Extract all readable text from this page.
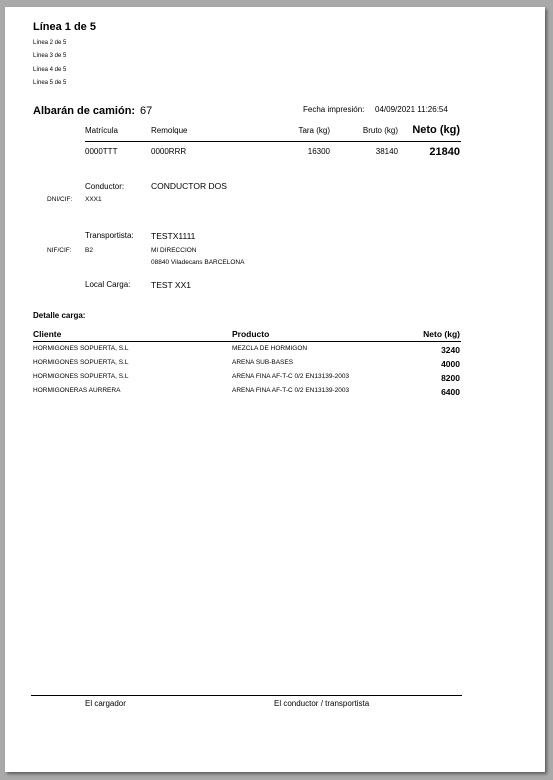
Línea 1 de 5
Línea 2 de 5
Línea 3 de 5
Línea 4 de 5
Línea 5 de 5
Albarán de camión: 67	Fecha impresión: 04/09/2021 11:26:54
Matrícula	Remolque	Tara (kg)	Bruto (kg) Neto (kg)
0000TTT	0000RRR	16300	38140	21840
Conductor:	CONDUCTOR DOS
DNI/CIF: XXX1
Transportista: TESTX1111
NIF/CIF: B2	MI DIRECCION
08840 Viladecans BARCELONA
Local Carga: TEST XX1
Detalle carga:
Cliente	Producto	Neto (kg)
HORMIGONES SOPUERTA, S.L	MEZCLA DE HORMIGON	3240
HORMIGONES SOPUERTA, S.L	ARENA SUB-BASES	4000
HORMIGONES SOPUERTA, S.L	ARENA FINA AF-T-C 0/2 EN13139-2003	8200
HORMIGONERAS AURRERA	ARENA FINA AF-T-C 0/2 EN13139-2003	6400
El cargador	El conductor / transportista
